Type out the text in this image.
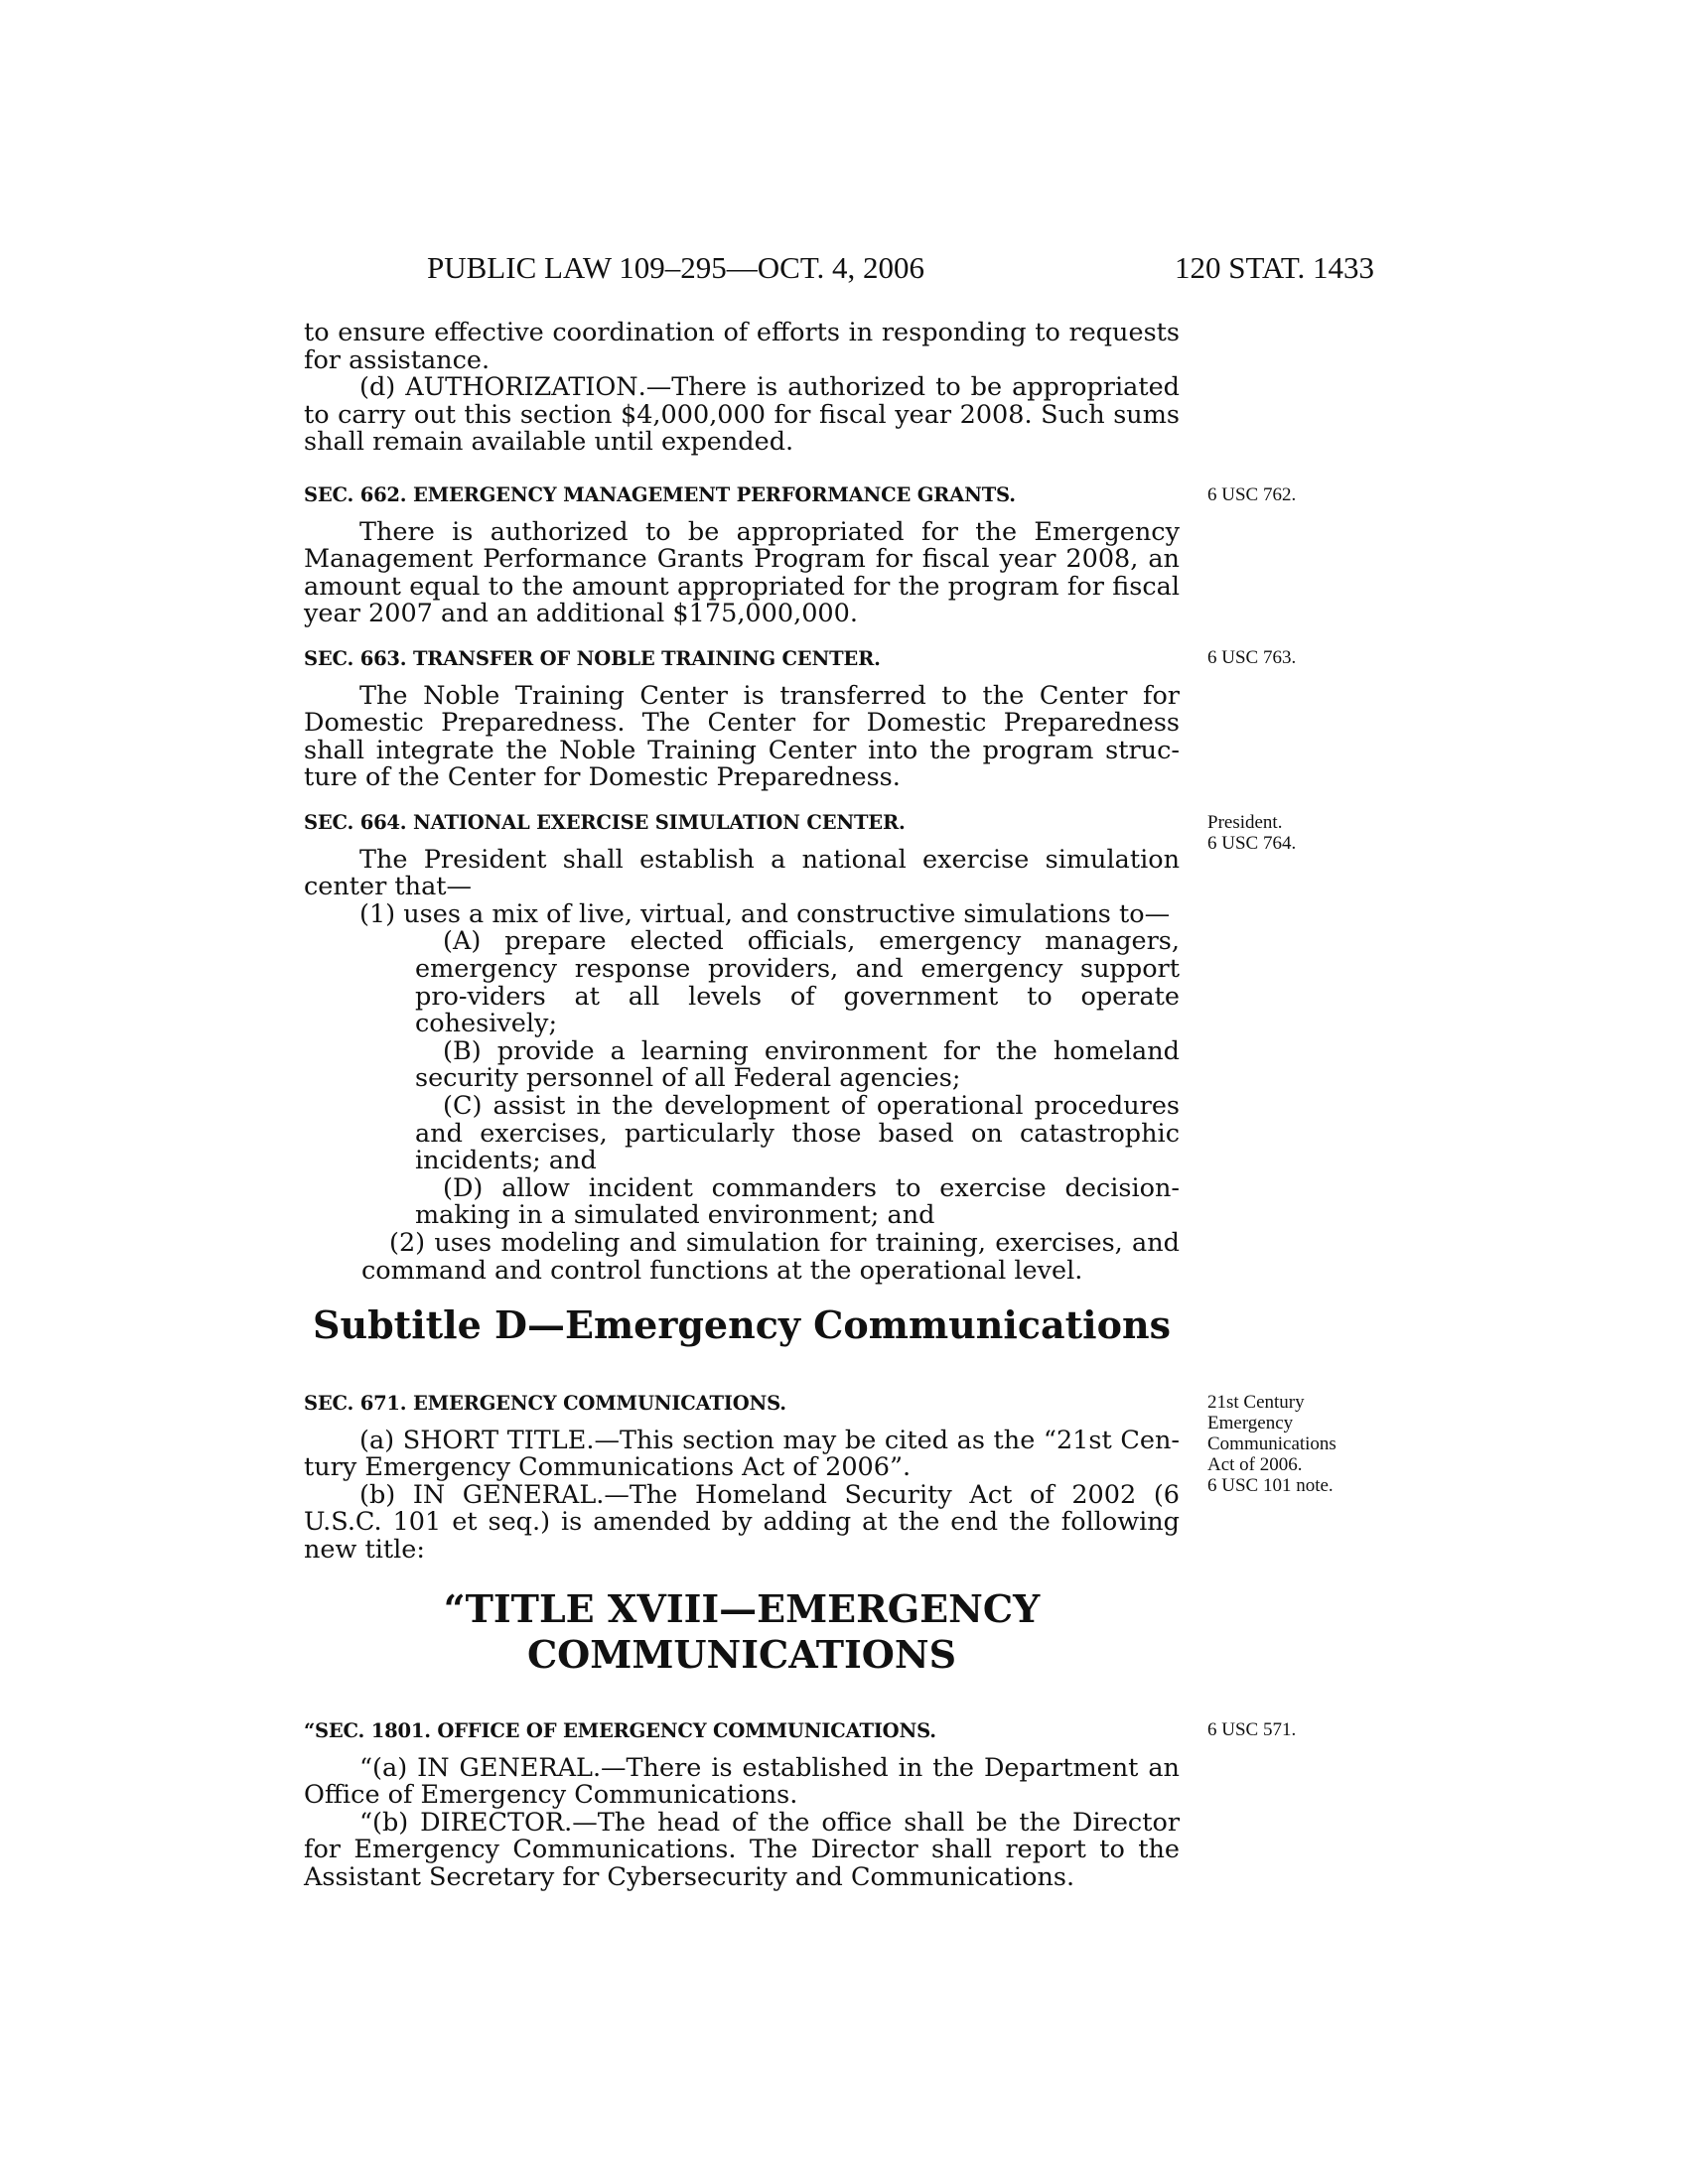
PUBLIC LAW 109–295—OCT. 4, 2006	120 STAT. 1433

to ensure effective coordination of efforts in responding to requests for assistance.

(d) AUTHORIZATION.—There is authorized to be appropriated to carry out this section $4,000,000 for fiscal year 2008. Such sums shall remain available until expended.

SEC. 662. EMERGENCY MANAGEMENT PERFORMANCE GRANTS.

There is authorized to be appropriated for the Emergency Management Performance Grants Program for fiscal year 2008, an amount equal to the amount appropriated for the program for fiscal year 2007 and an additional $175,000,000.

6 USC 762.

SEC. 663. TRANSFER OF NOBLE TRAINING CENTER.

The Noble Training Center is transferred to the Center for Domestic Preparedness. The Center for Domestic Preparedness shall integrate the Noble Training Center into the program struc-ture of the Center for Domestic Preparedness.

6 USC 763.

SEC. 664. NATIONAL EXERCISE SIMULATION CENTER.

The President shall establish a national exercise simulation center that—

(1) uses a mix of live, virtual, and constructive simulations to—

(A) prepare elected officials, emergency managers, emergency response providers, and emergency support pro-viders at all levels of government to operate cohesively;

(B) provide a learning environment for the homeland security personnel of all Federal agencies;

(C) assist in the development of operational procedures and exercises, particularly those based on catastrophic incidents; and

(D) allow incident commanders to exercise decision-making in a simulated environment; and

(2) uses modeling and simulation for training, exercises, and command and control functions at the operational level.

President.
6 USC 764.
Subtitle D—Emergency Communications

SEC. 671. EMERGENCY COMMUNICATIONS.

(a) SHORT TITLE.—This section may be cited as the “21st Cen-tury Emergency Communications Act of 2006”.

(b) IN GENERAL.—The Homeland Security Act of 2002 (6 U.S.C. 101 et seq.) is amended by adding at the end the following new title:

21st Century
Emergency
Communications
Act of 2006.
6 USC 101 note.
“TITLE XVIII—EMERGENCY
COMMUNICATIONS

“SEC. 1801. OFFICE OF EMERGENCY COMMUNICATIONS.

“(a) IN GENERAL.—There is established in the Department an Office of Emergency Communications.

“(b) DIRECTOR.—The head of the office shall be the Director for Emergency Communications. The Director shall report to the Assistant Secretary for Cybersecurity and Communications.

6 USC 571.
